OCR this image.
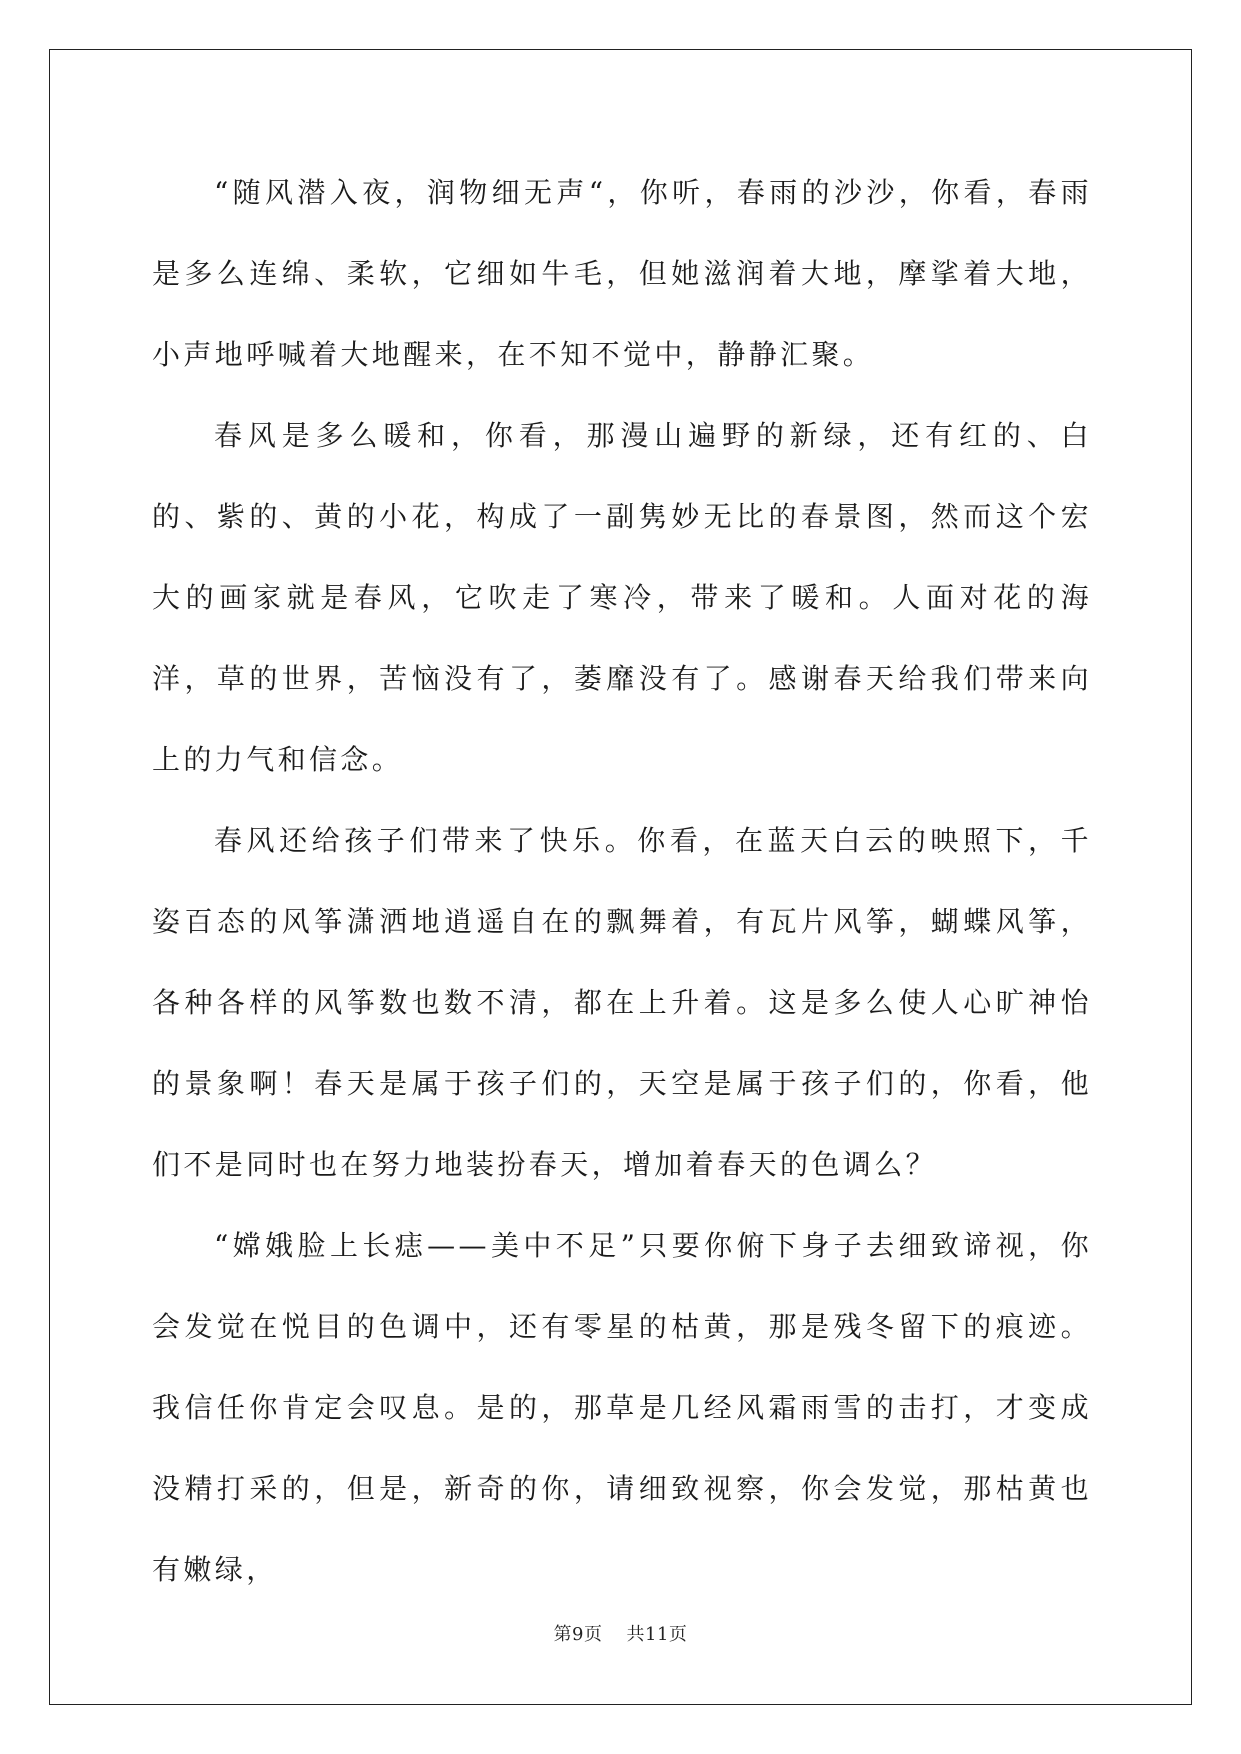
“随风潜入夜，润物细无声“，你听，春雨的沙沙，你看，春雨是多么连绵、柔软，它细如牛毛，但她滋润着大地，摩挲着大地，小声地呼喊着大地醒来，在不知不觉中，静静汇聚。

春风是多么暖和，你看，那漫山遍野的新绿，还有红的、白的、紫的、黄的小花，构成了一副隽妙无比的春景图，然而这个宏大的画家就是春风，它吹走了寒冷，带来了暖和。人面对花的海洋，草的世界，苦恼没有了，萎靡没有了。感谢春天给我们带来向上的力气和信念。

春风还给孩子们带来了快乐。你看，在蓝天白云的映照下，千姿百态的风筝潇洒地逍遥自在的飘舞着，有瓦片风筝，蝴蝶风筝，各种各样的风筝数也数不清，都在上升着。这是多么使人心旷神怡的景象啊！春天是属于孩子们的，天空是属于孩子们的，你看，他们不是同时也在努力地装扮春天，增加着春天的色调么？

“嫦娥脸上长痣——美中不足”只要你俯下身子去细致谛视，你会发觉在悦目的色调中，还有零星的枯黄，那是残冬留下的痕迹。我信任你肯定会叹息。是的，那草是几经风霜雨雪的击打，才变成没精打采的，但是，新奇的你，请细致视察，你会发觉，那枯黄也有嫩绿，

第9页 共11页
